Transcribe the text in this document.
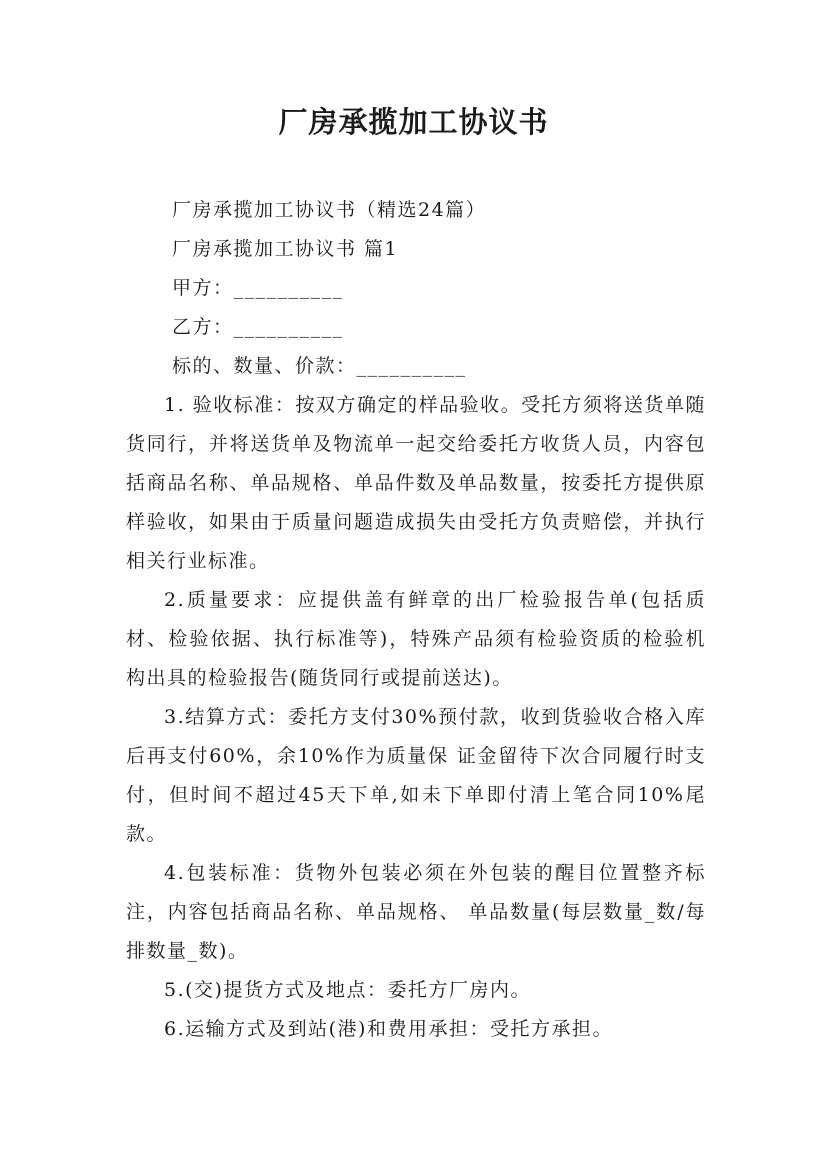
厂房承揽加工协议书

厂房承揽加工协议书（精选24篇）

厂房承揽加工协议书 篇1

甲方：__________

乙方：__________

标的、数量、价款：__________

1. 验收标准：按双方确定的样品验收。受托方须将送货单随货同行，并将送货单及物流单一起交给委托方收货人员，内容包括商品名称、单品规格、单品件数及单品数量，按委托方提供原样验收，如果由于质量问题造成损失由受托方负责赔偿，并执行相关行业标准。

2.质量要求：应提供盖有鲜章的出厂检验报告单(包括质材、检验依据、执行标准等)，特殊产品须有检验资质的检验机构出具的检验报告(随货同行或提前送达)。

3.结算方式：委托方支付30%预付款，收到货验收合格入库后再支付60%，余10%作为质量保 证金留待下次合同履行时支付，但时间不超过45天下单,如未下单即付清上笔合同10%尾款。

4.包装标准：货物外包装必须在外包装的醒目位置整齐标注，内容包括商品名称、单品规格、 单品数量(每层数量_数/每排数量_数)。

5.(交)提货方式及地点：委托方厂房内。

6.运输方式及到站(港)和费用承担：受托方承担。
